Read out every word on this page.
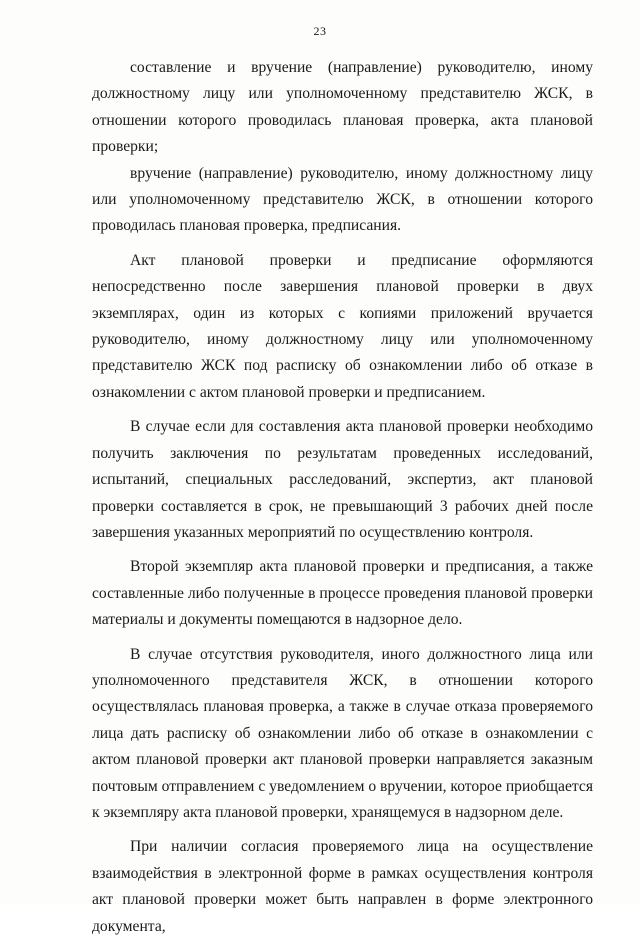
23

составление и вручение (направление) руководителю, иному должностному лицу или уполномоченному представителю ЖСК, в отношении которого проводилась плановая проверка, акта плановой проверки;

вручение (направление) руководителю, иному должностному лицу или уполномоченному представителю ЖСК, в отношении которого проводилась плановая проверка, предписания.

Акт плановой проверки и предписание оформляются непосредственно после завершения плановой проверки в двух экземплярах, один из которых с копиями приложений вручается руководителю, иному должностному лицу или уполномоченному представителю ЖСК под расписку об ознакомлении либо об отказе в ознакомлении с актом плановой проверки и предписанием.

В случае если для составления акта плановой проверки необходимо получить заключения по результатам проведенных исследований, испытаний, специальных расследований, экспертиз, акт плановой проверки составляется в срок, не превышающий 3 рабочих дней после завершения указанных мероприятий по осуществлению контроля.

Второй экземпляр акта плановой проверки и предписания, а также составленные либо полученные в процессе проведения плановой проверки материалы и документы помещаются в надзорное дело.

В случае отсутствия руководителя, иного должностного лица или уполномоченного представителя ЖСК, в отношении которого осуществлялась плановая проверка, а также в случае отказа проверяемого лица дать расписку об ознакомлении либо об отказе в ознакомлении с актом плановой проверки акт плановой проверки направляется заказным почтовым отправлением с уведомлением о вручении, которое приобщается к экземпляру акта плановой проверки, хранящемуся в надзорном деле.

При наличии согласия проверяемого лица на осуществление взаимодействия в электронной форме в рамках осуществления контроля акт плановой проверки может быть направлен в форме электронного документа,
